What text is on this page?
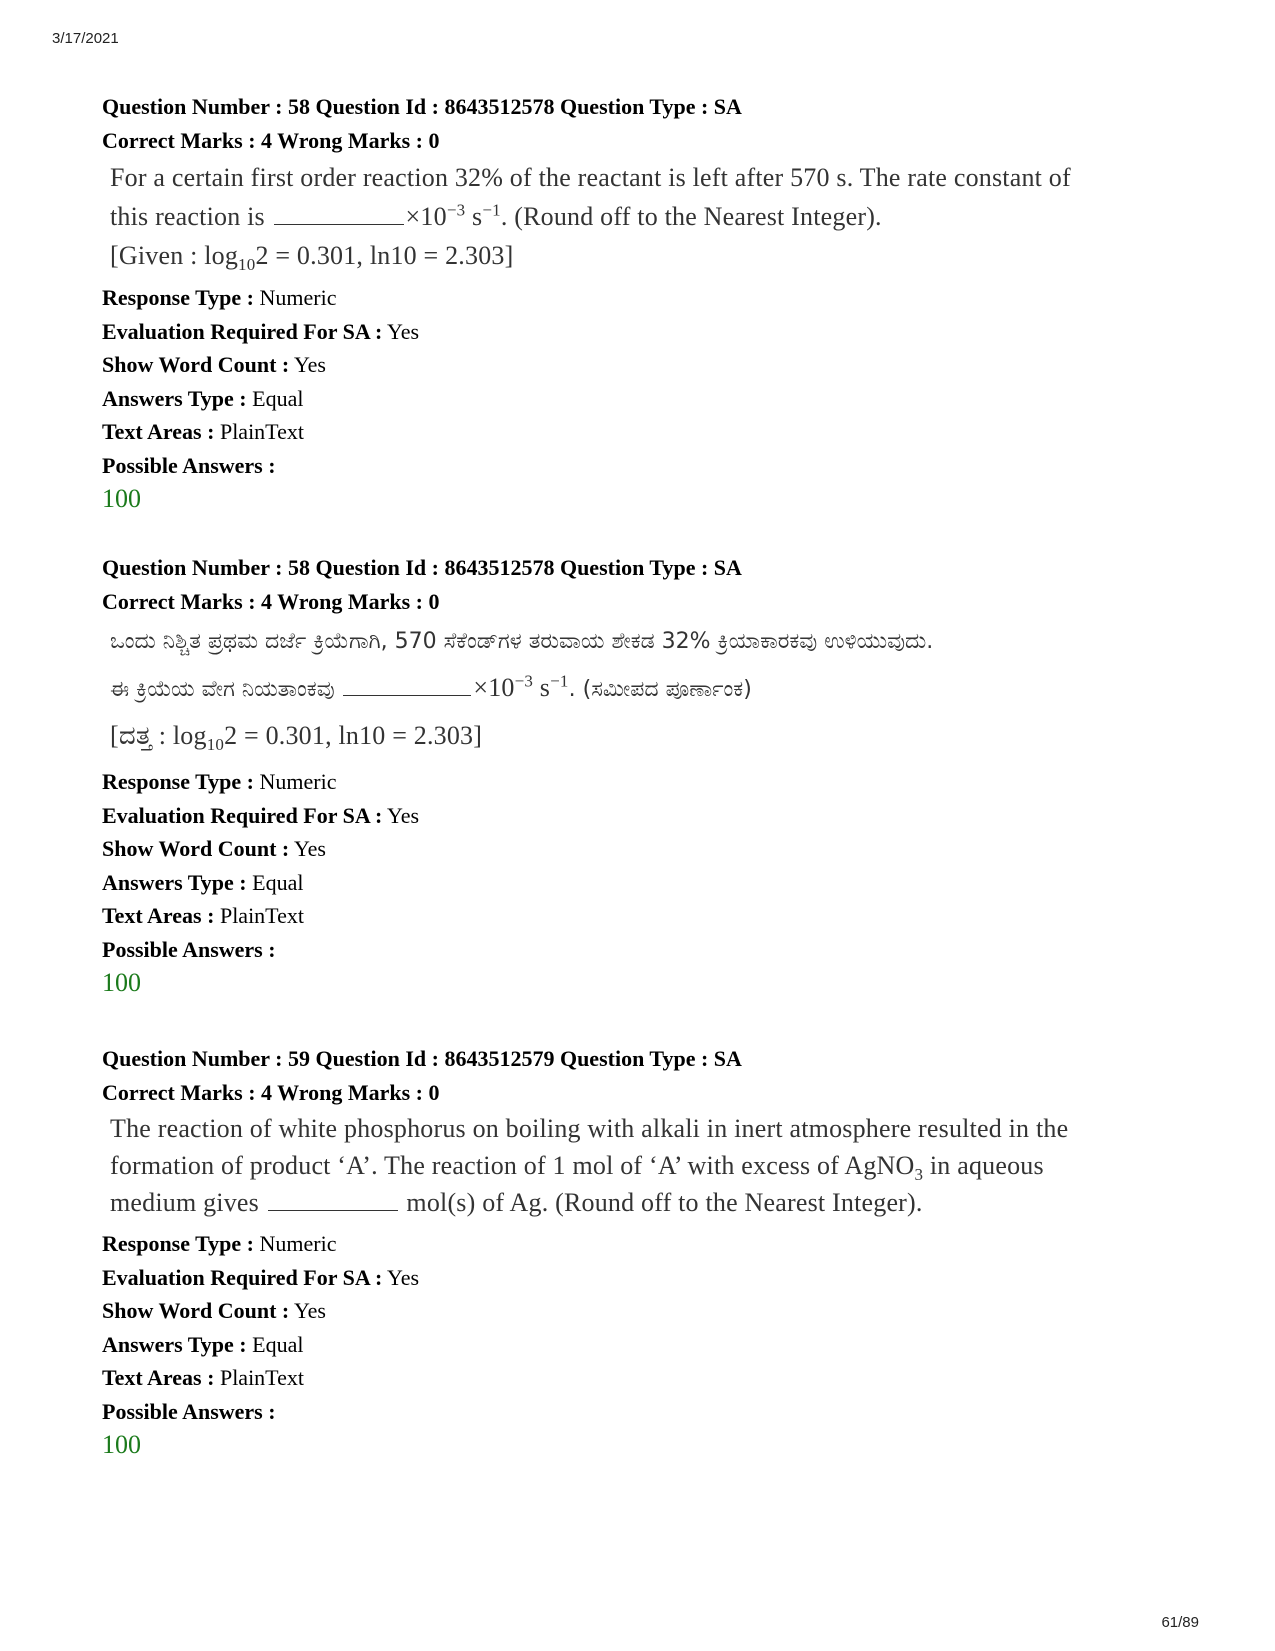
3/17/2021
Question Number : 58 Question Id : 8643512578 Question Type : SA
Correct Marks : 4 Wrong Marks : 0
For a certain first order reaction 32% of the reactant is left after 570 s. The rate constant of
this reaction is	$\times 10^{-3}$ $s^{-1}$. (Round off to the Nearest Integer).
[Given : $\log_{10}2 = 0.301$, ln10 = 2.303]
Response Type : Numeric
Evaluation Required For SA : Yes
Show Word Count : Yes
Answers Type : Equal
Text Areas : PlainText
Possible Answers :
100
Question Number : 58 Question Id : 8643512578 Question Type : SA
Correct Marks : 4 Wrong Marks : 0
ಒಂದು ನಿಶ್ಚಿತ ಪ್ರಥಮ ದರ್ಜೆ ಕ್ರಿಯೆಗಾಗಿ, 570 ಸೆಕೆಂಡ್‌ಗಳ ತರುವಾಯ ಶೇಕಡ 32% ಕ್ರಿಯಾಕಾರಕವು ಉಳಿಯುವುದು.
ಈ ಕ್ರಿಯೆಯ ವೇಗ ನಿಯತಾಂಕವು	$\times 10^{-3}$ $s^{-1}$. (ಸಮೀಪದ ಪೂರ್ಣಾಂಕ)
[ದತ್ತ : $\log_{10}2 = 0.301$, ln10 = 2.303]
Response Type : Numeric
Evaluation Required For SA : Yes
Show Word Count : Yes
Answers Type : Equal
Text Areas : PlainText
Possible Answers :
100
Question Number : 59 Question Id : 8643512579 Question Type : SA
Correct Marks : 4 Wrong Marks : 0
The reaction of white phosphorus on boiling with alkali in inert atmosphere resulted in the
formation of product ‘A’. The reaction of 1 mol of ‘A’ with excess of AgNO$_3$ in aqueous
medium gives	mol(s) of Ag. (Round off to the Nearest Integer).
Response Type : Numeric
Evaluation Required For SA : Yes
Show Word Count : Yes
Answers Type : Equal
Text Areas : PlainText
Possible Answers :
100
61/89
